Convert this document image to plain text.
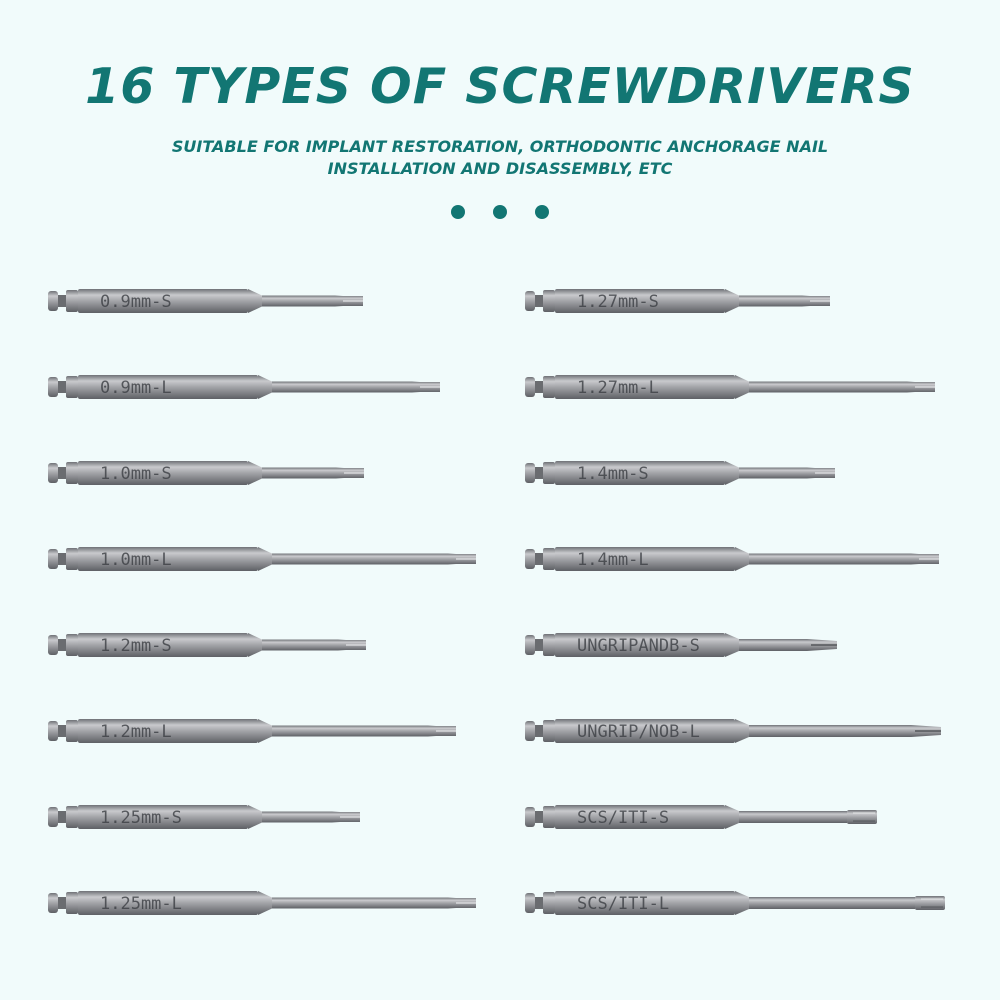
16 TYPES OF SCREWDRIVERS
SUITABLE FOR IMPLANT RESTORATION, ORTHODONTIC ANCHORAGE NAIL
INSTALLATION AND DISASSEMBLY, ETC
0.9mm-S
0.9mm-L
1.0mm-S
1.0mm-L
1.2mm-S
1.2mm-L
1.25mm-S
1.25mm-L
1.27mm-S
1.27mm-L
1.4mm-S
1.4mm-L
UNGRIPANDB-S
UNGRIP/NOB-L
SCS/ITI-S
SCS/ITI-L
